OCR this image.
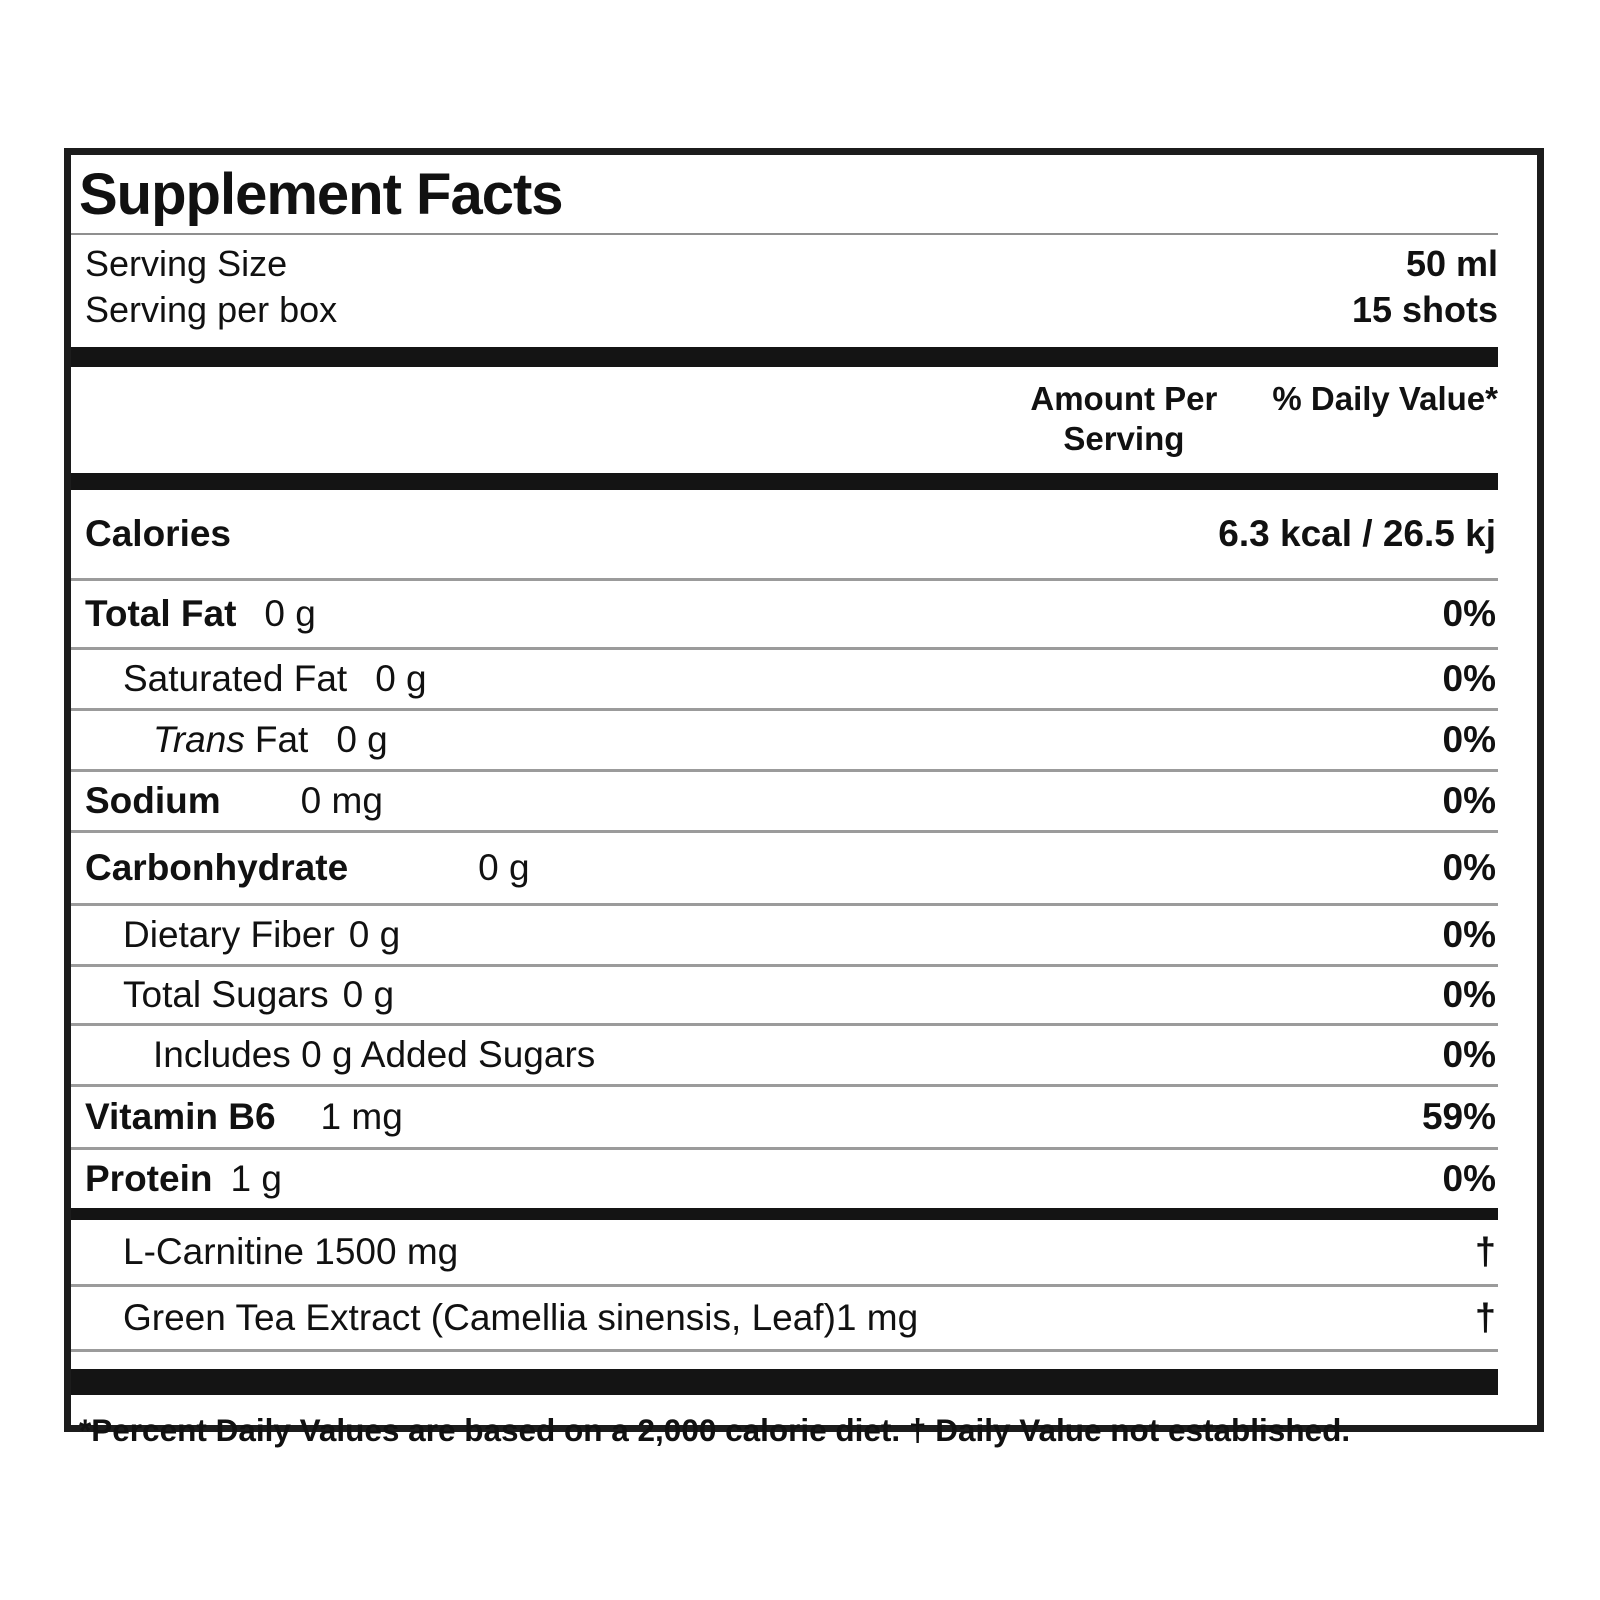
Supplement Facts
Serving Size	50 ml
Serving per box	15 shots
Amount Per
Serving
% Daily Value*
Calories	6.3 kcal / 26.5 kj
Total Fat 0 g	0%
Saturated Fat 0 g	0%
Trans Fat 0 g	0%
Sodium 0 mg	0%
Carbonhydrate	0 g	0%
Dietary Fiber 0 g	0%
Total Sugars 0 g	0%
Includes 0 g Added Sugars	0%
Vitamin B6 1 mg	59%
Protein 1 g	0%
L-Carnitine 1500 mg	†
Green Tea Extract (Camellia sinensis, Leaf)1 mg	†
*Percent Daily Values are based on a 2,000 calorie diet. † Daily Value not established.
